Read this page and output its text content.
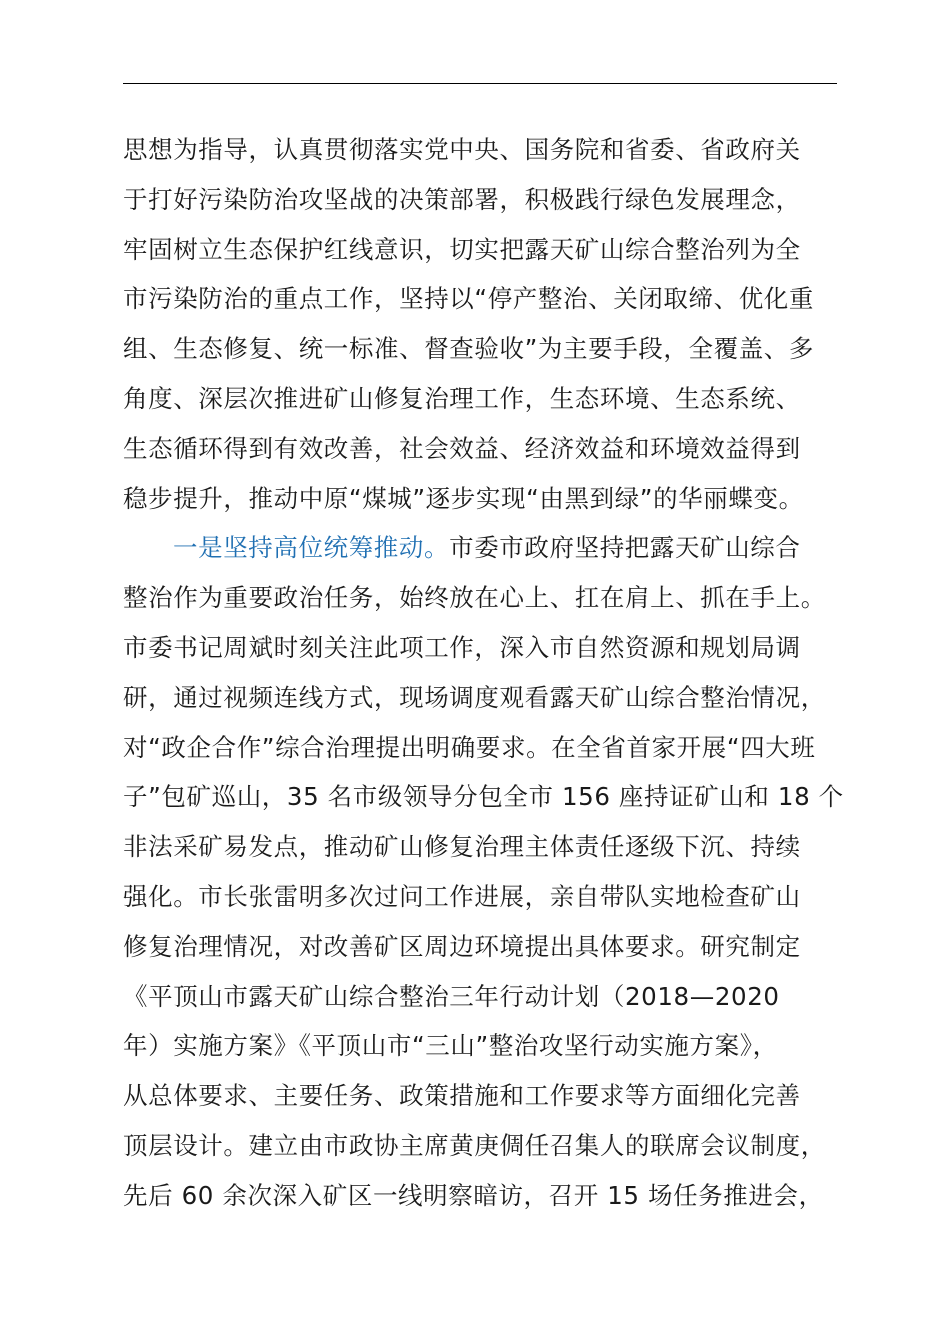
思想为指导，认真贯彻落实党中央、国务院和省委、省政府关
于打好污染防治攻坚战的决策部署，积极践行绿色发展理念，
牢固树立生态保护红线意识，切实把露天矿山综合整治列为全
市污染防治的重点工作，坚持以“停产整治、关闭取缔、优化重
组、生态修复、统一标准、督查验收”为主要手段，全覆盖、多
角度、深层次推进矿山修复治理工作，生态环境、生态系统、
生态循环得到有效改善，社会效益、经济效益和环境效益得到
稳步提升，推动中原“煤城”逐步实现“由黑到绿”的华丽蝶变。
一是坚持高位统筹推动。市委市政府坚持把露天矿山综合
整治作为重要政治任务，始终放在心上、扛在肩上、抓在手上。
市委书记周斌时刻关注此项工作，深入市自然资源和规划局调
研，通过视频连线方式，现场调度观看露天矿山综合整治情况，
对“政企合作”综合治理提出明确要求。在全省首家开展“四大班
子”包矿巡山，35 名市级领导分包全市 156 座持证矿山和 18 个
非法采矿易发点，推动矿山修复治理主体责任逐级下沉、持续
强化。市长张雷明多次过问工作进展，亲自带队实地检查矿山
修复治理情况，对改善矿区周边环境提出具体要求。研究制定
《平顶山市露天矿山综合整治三年行动计划（2018—2020
年）实施方案》《平顶山市“三山”整治攻坚行动实施方案》，
从总体要求、主要任务、政策措施和工作要求等方面细化完善
顶层设计。建立由市政协主席黄庚倜任召集人的联席会议制度，
先后 60 余次深入矿区一线明察暗访，召开 15 场任务推进会，
